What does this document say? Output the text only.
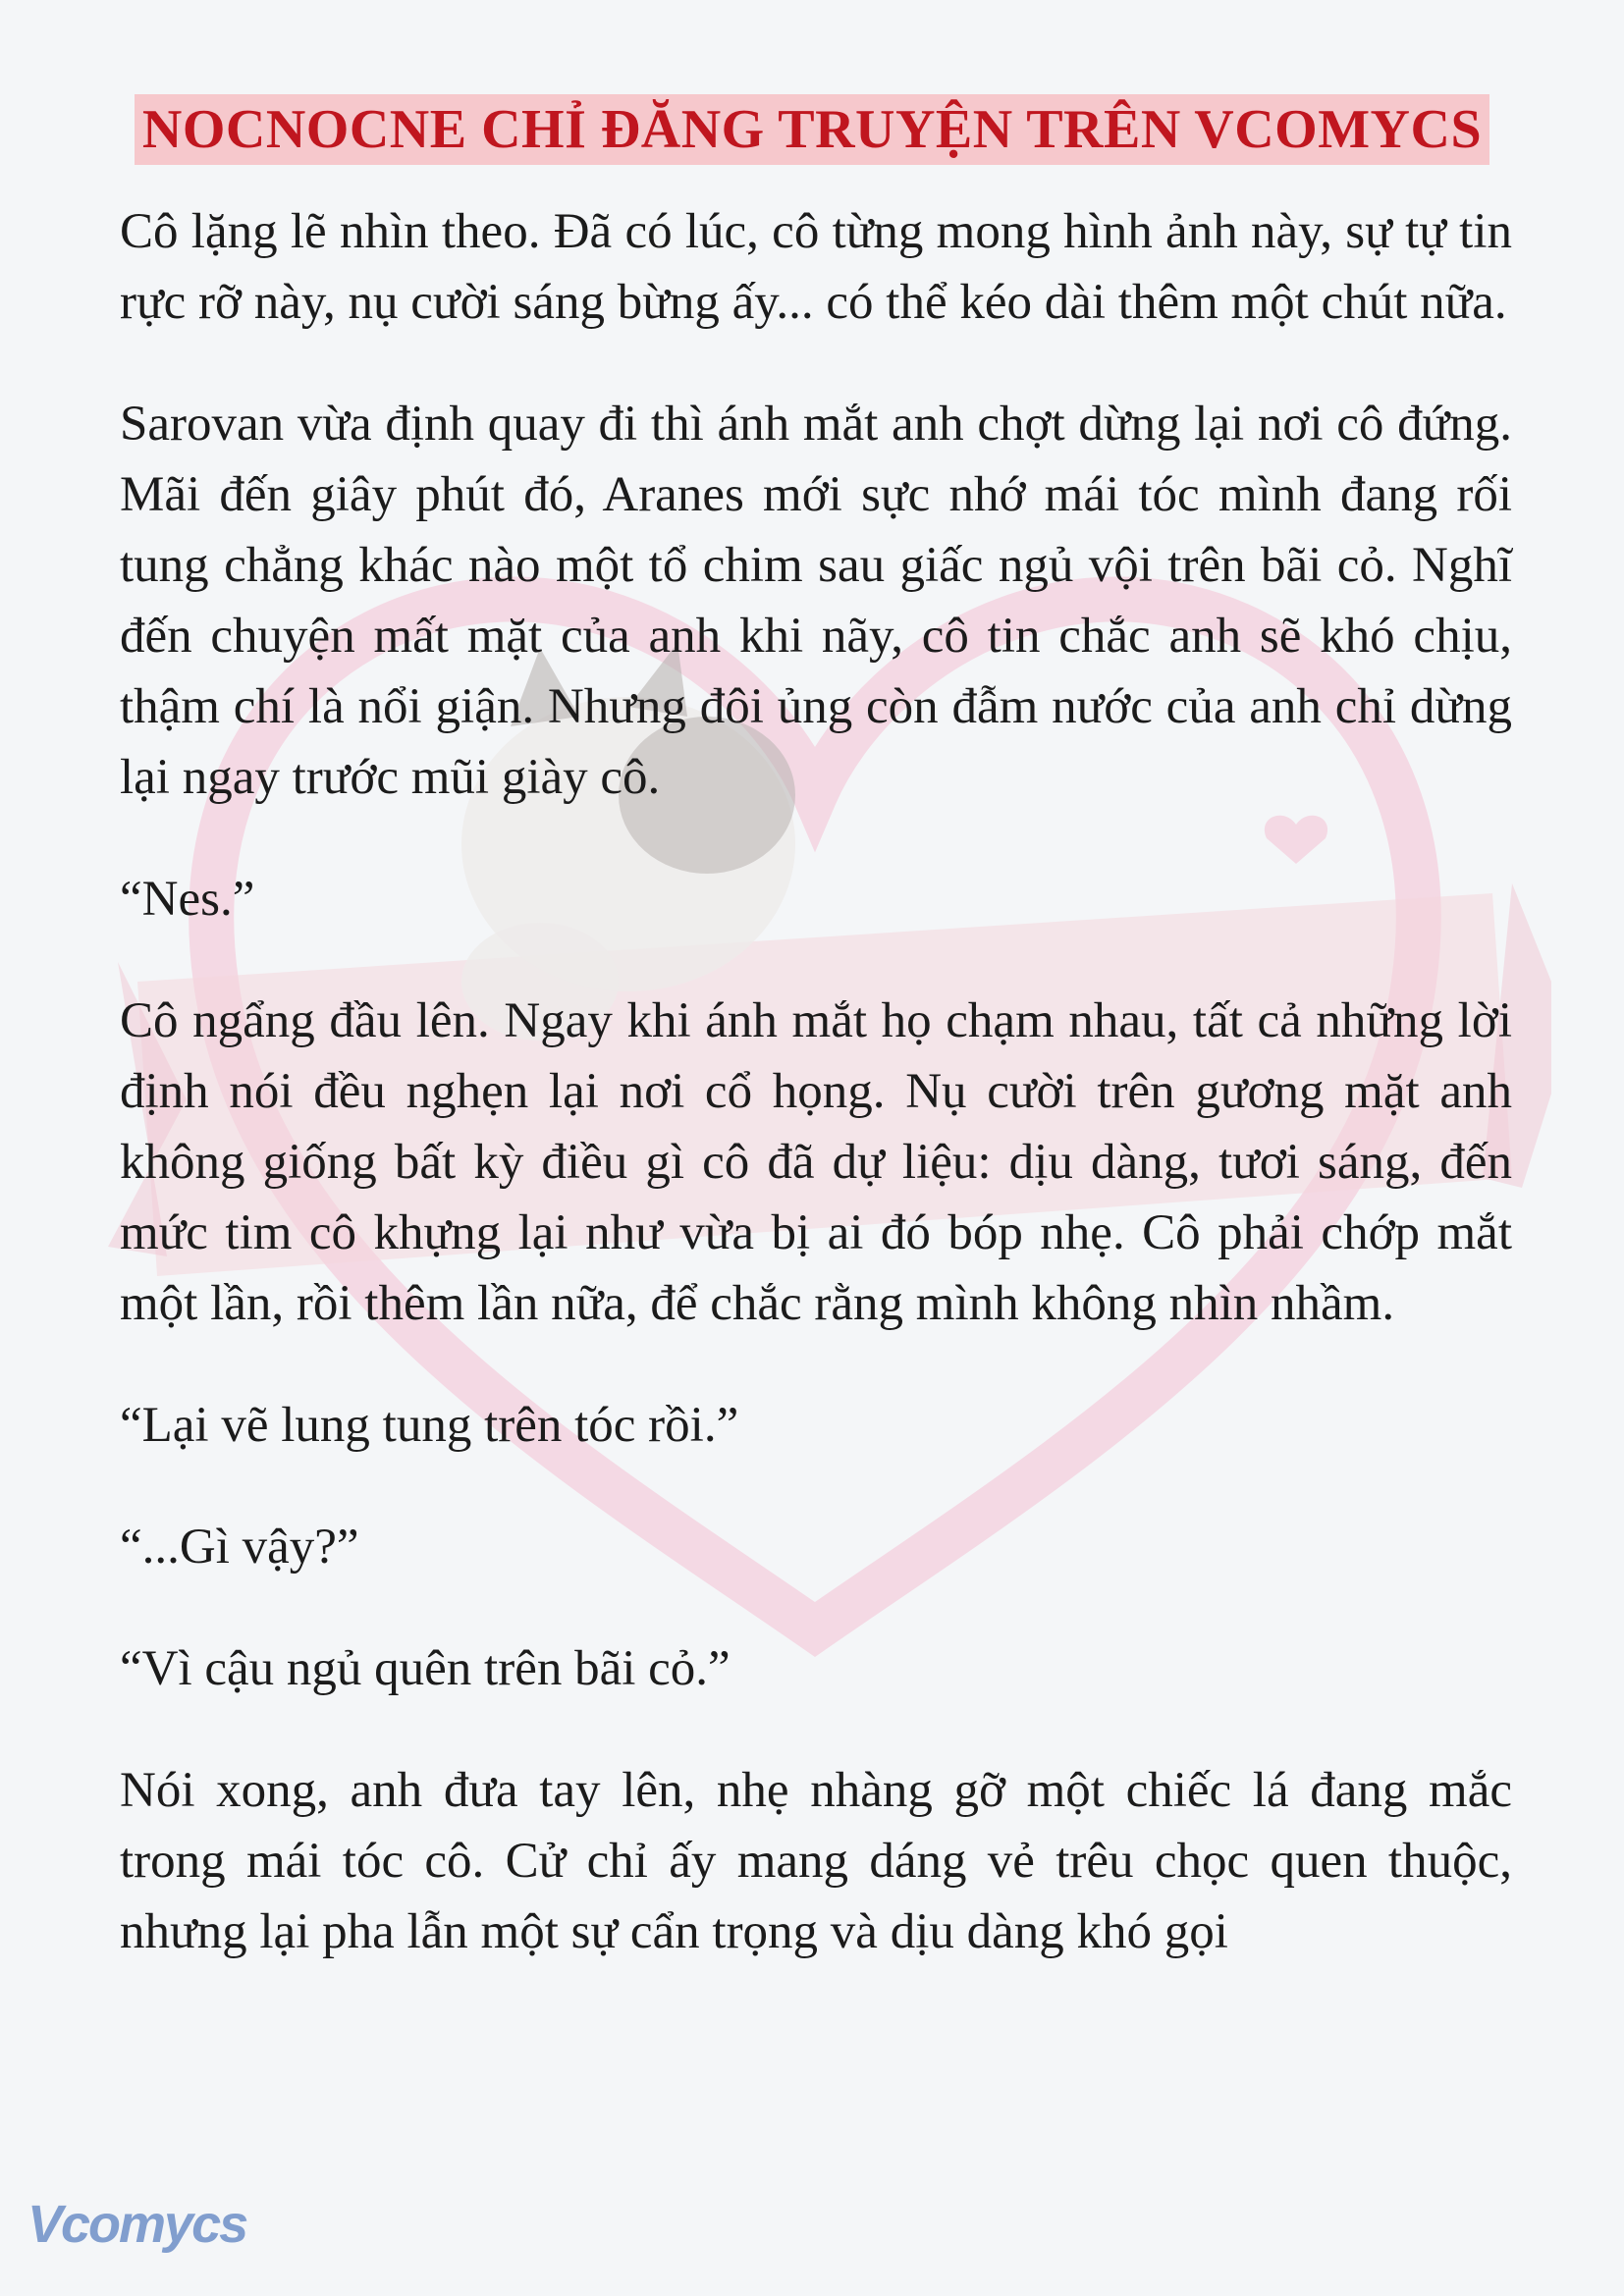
NOCNOCNE CHỈ ĐĂNG TRUYỆN TRÊN VCOMYCS

Cô lặng lẽ nhìn theo. Đã có lúc, cô từng mong hình ảnh này, sự tự tin rực rỡ này, nụ cười sáng bừng ấy... có thể kéo dài thêm một chút nữa.

Sarovan vừa định quay đi thì ánh mắt anh chợt dừng lại nơi cô đứng. Mãi đến giây phút đó, Aranes mới sực nhớ mái tóc mình đang rối tung chẳng khác nào một tổ chim sau giấc ngủ vội trên bãi cỏ. Nghĩ đến chuyện mất mặt của anh khi nãy, cô tin chắc anh sẽ khó chịu, thậm chí là nổi giận. Nhưng đôi ủng còn đẫm nước của anh chỉ dừng lại ngay trước mũi giày cô.

“Nes.”

Cô ngẩng đầu lên. Ngay khi ánh mắt họ chạm nhau, tất cả những lời định nói đều nghẹn lại nơi cổ họng. Nụ cười trên gương mặt anh không giống bất kỳ điều gì cô đã dự liệu: dịu dàng, tươi sáng, đến mức tim cô khựng lại như vừa bị ai đó bóp nhẹ. Cô phải chớp mắt một lần, rồi thêm lần nữa, để chắc rằng mình không nhìn nhầm.

“Lại vẽ lung tung trên tóc rồi.”

“...Gì vậy?”

“Vì cậu ngủ quên trên bãi cỏ.”

Nói xong, anh đưa tay lên, nhẹ nhàng gỡ một chiếc lá đang mắc trong mái tóc cô. Cử chỉ ấy mang dáng vẻ trêu chọc quen thuộc, nhưng lại pha lẫn một sự cẩn trọng và dịu dàng khó gọi

Vcomycs
